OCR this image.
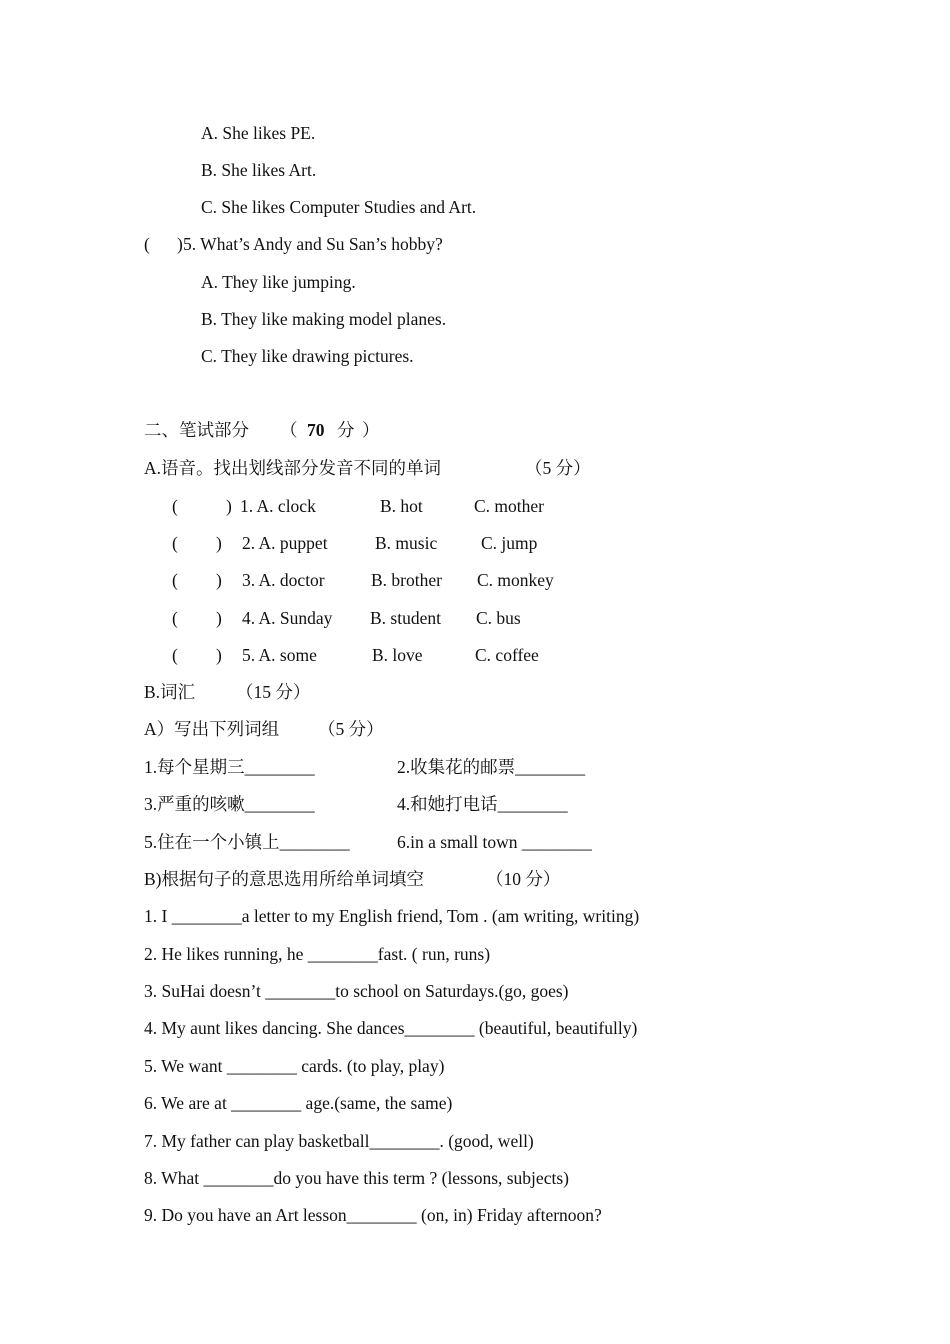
A. She likes PE.
B. She likes Art.
C. She likes Computer Studies and Art.
( ) 5. What’s Andy and Su San’s hobby?
A. They like jumping.
B. They like making model planes.
C. They like drawing pictures.
二、笔试部分 （ 70 分 ）
A.语音。找出划线部分发音不同的单词	（5 分）
(	) 1. A. clock	B. hot	C. mother
( ) 2. A. puppet	B. music	C. jump
( ) 3. A. doctor	B. brother C. monkey
( ) 4. A. Sunday B. student C. bus
( ) 5. A. some	B. love	C. coffee
B.词汇 （15 分）
A）写出下列词组 （5 分）
1.每个星期三________	2.收集花的邮票________
3.严重的咳嗽________	4.和她打电话________
5.住在一个小镇上________	6.in a small town ________
B)根据句子的意思选用所给单词填空	（10 分）
1. I ________a letter to my English friend, Tom . (am writing, writing)
2. He likes running, he ________fast. ( run, runs)
3. SuHai doesn’t ________to school on Saturdays.(go, goes)
4. My aunt likes dancing. She dances________ (beautiful, beautifully)
5. We want ________ cards. (to play, play)
6. We are at ________ age.(same, the same)
7. My father can play basketball________. (good, well)
8. What ________do you have this term ? (lessons, subjects)
9. Do you have an Art lesson________ (on, in) Friday afternoon?
